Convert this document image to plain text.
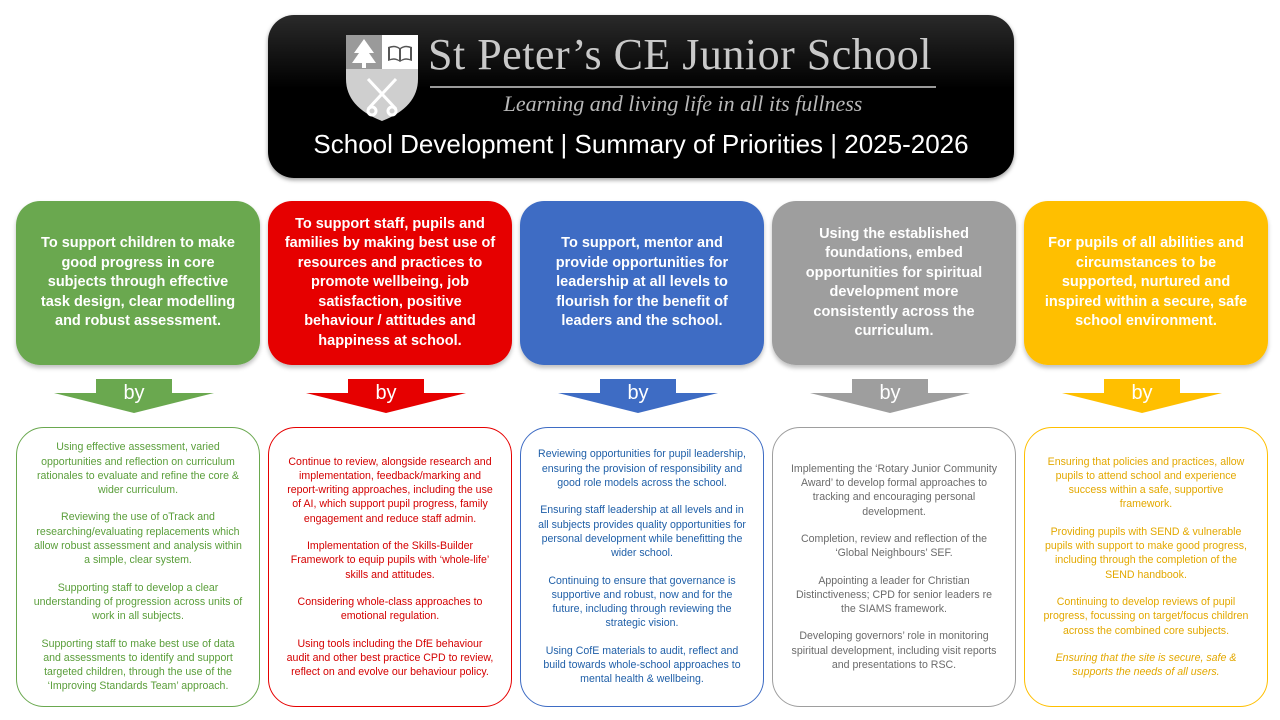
St Peter’s CE Junior School
Learning and living life in all its fullness
School Development | Summary of Priorities | 2025-2026
To support children to make good progress in core subjects through effective task design, clear modelling and robust assessment.
by

Using effective assessment, varied opportunities and reflection on curriculum rationales to evaluate and refine the core & wider curriculum.

Reviewing the use of oTrack and researching/evaluating replacements which allow robust assessment and analysis within a simple, clear system.

Supporting staff to develop a clear understanding of progression across units of work in all subjects.

Supporting staff to make best use of data and assessments to identify and support targeted children, through the use of the ‘Improving Standards Team’ approach.

To support staff, pupils and families by making best use of resources and practices to promote wellbeing, job satisfaction, positive behaviour / attitudes and happiness at school.
by

Continue to review, alongside research and implementation, feedback/marking and report-writing approaches, including the use of AI, which support pupil progress, family engagement and reduce staff admin.

Implementation of the Skills-Builder Framework to equip pupils with ‘whole-life’ skills and attitudes.

Considering whole-class approaches to emotional regulation.

Using tools including the DfE behaviour audit and other best practice CPD to review, reflect on and evolve our behaviour policy.

To support, mentor and provide opportunities for leadership at all levels to flourish for the benefit of leaders and the school.
by

Reviewing opportunities for pupil leadership, ensuring the provision of responsibility and good role models across the school.

Ensuring staff leadership at all levels and in all subjects provides quality opportunities for personal development while benefitting the wider school.

Continuing to ensure that governance is supportive and robust, now and for the future, including through reviewing the strategic vision.

Using CofE materials to audit, reflect and build towards whole-school approaches to mental health & wellbeing.

Using the established foundations, embed opportunities for spiritual development more consistently across the curriculum.
by

Implementing the ‘Rotary Junior Community Award’ to develop formal approaches to tracking and encouraging personal development.

Completion, review and reflection of the ‘Global Neighbours’ SEF.

Appointing a leader for Christian Distinctiveness; CPD for senior leaders re the SIAMS framework.

Developing governors’ role in monitoring spiritual development, including visit reports and presentations to RSC.

For pupils of all abilities and circumstances to be supported, nurtured and inspired within a secure, safe school environment.
by

Ensuring that policies and practices, allow pupils to attend school and experience success within a safe, supportive framework.

Providing pupils with SEND & vulnerable pupils with support to make good progress, including through the completion of the SEND handbook.

Continuing to develop reviews of pupil progress, focussing on target/focus children across the combined core subjects.

Ensuring that the site is secure, safe & supports the needs of all users.
